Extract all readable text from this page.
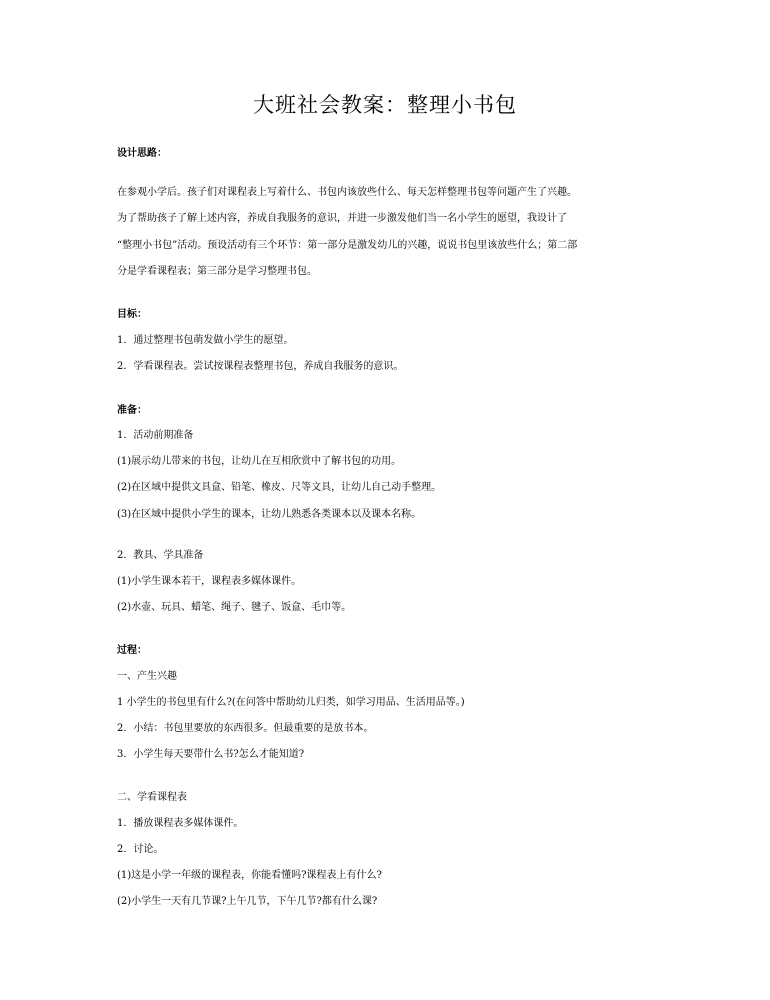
大班社会教案：整理小书包
设计思路：
在参观小学后。孩子们对课程表上写着什么、书包内该放些什么、每天怎样整理书包等问题产生了兴趣。
为了帮助孩子了解上述内容，养成自我服务的意识，并进一步激发他们当一名小学生的愿望，我设计了
“整理小书包”活动。预设活动有三个环节：第一部分是激发幼儿的兴趣，说说书包里该放些什么；第二部
分是学看课程表；第三部分是学习整理书包。
目标：
1．通过整理书包萌发做小学生的愿望。
2．学看课程表。尝试按课程表整理书包，养成自我服务的意识。
准备：
1．活动前期准备
(1)展示幼儿带来的书包，让幼儿在互相欣赏中了解书包的功用。
(2)在区域中提供文具盒、铅笔、橡皮、尺等文具，让幼儿自己动手整理。
(3)在区域中提供小学生的课本，让幼儿熟悉各类课本以及课本名称。
2．教具、学具准备
(1)小学生课本若干，课程表多媒体课件。
(2)水壶、玩具、蜡笔、绳子、毽子、饭盒、毛巾等。
过程：
一、产生兴趣
1 小学生的书包里有什么?(在问答中帮助幼儿归类，如学习用品、生活用品等。)
2．小结：书包里要放的东西很多。但最重要的是放书本。
3．小学生每天要带什么书?怎么才能知道?
二、学看课程表
1．播放课程表多媒体课件。
2．讨论。
(1)这是小学一年级的课程表，你能看懂吗?课程表上有什么?
(2)小学生一天有几节课?上午几节，下午几节?都有什么课?
